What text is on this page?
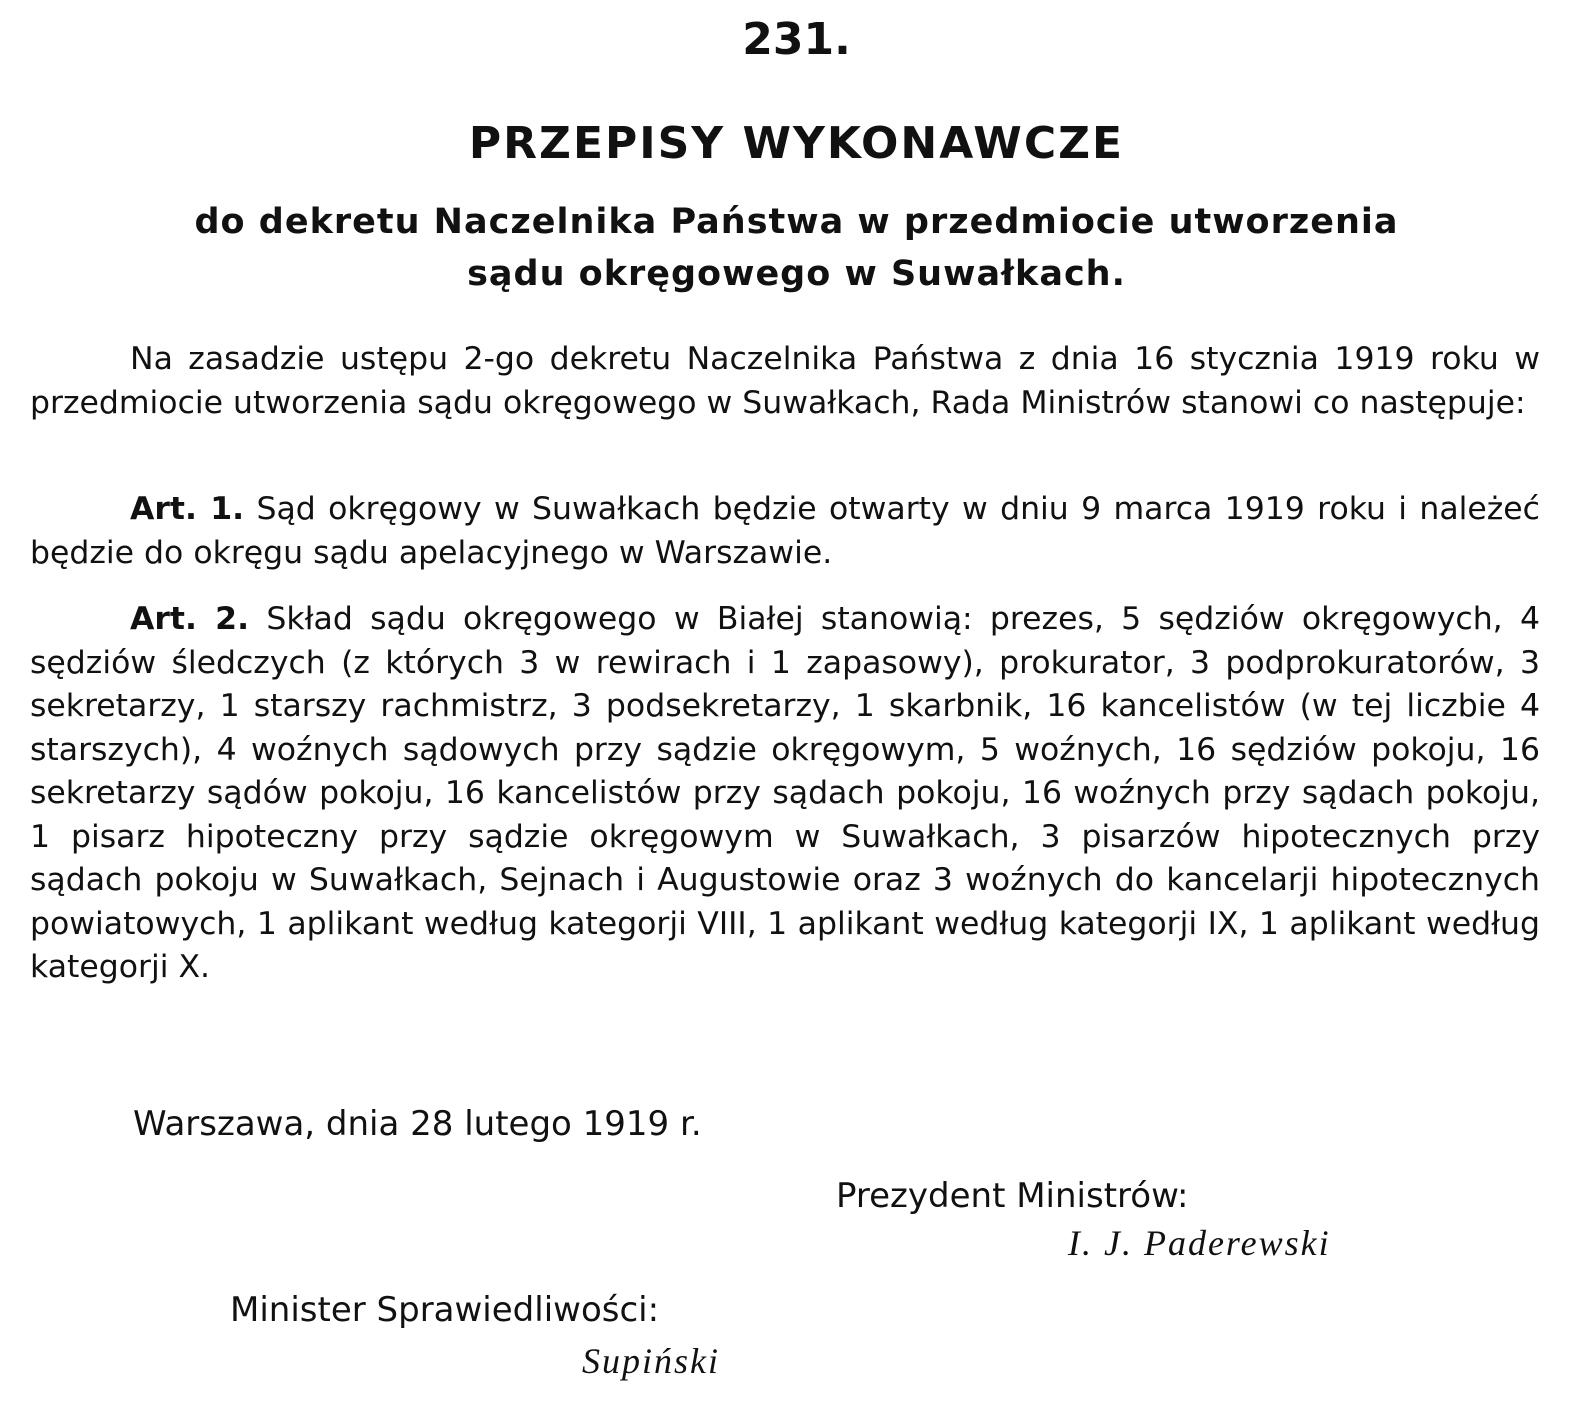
231.
PRZEPISY WYKONAWCZE
do dekretu Naczelnika Państwa w przedmiocie utworzenia
sądu okręgowego w Suwałkach.
Na zasadzie ustępu 2-go dekretu Naczelnika Państwa z dnia 16 stycznia 1919 roku w przedmiocie utworzenia sądu okręgowego w Suwałkach, Rada Ministrów stanowi co następuje:
Art. 1. Sąd okręgowy w Suwałkach będzie otwarty w dniu 9 marca 1919 roku i należeć będzie do okręgu sądu apelacyjnego w Warszawie.
Art. 2. Skład sądu okręgowego w Białej stanowią: prezes, 5 sędziów okręgowych, 4 sędziów śledczych (z których 3 w rewirach i 1 zapasowy), prokurator, 3 podprokuratorów, 3 sekretarzy, 1 starszy rachmistrz, 3 podsekretarzy, 1 skarbnik, 16 kancelistów (w tej liczbie 4 starszych), 4 woźnych sądowych przy sądzie okręgowym, 5 woźnych, 16 sędziów pokoju, 16 sekretarzy sądów pokoju, 16 kancelistów przy sądach pokoju, 16 woźnych przy sądach pokoju, 1 pisarz hipoteczny przy sądzie okręgowym w Suwałkach, 3 pisarzów hipotecznych przy sądach pokoju w Suwałkach, Sejnach i Augustowie oraz 3 woźnych do kancelarji hipotecznych powiatowych, 1 aplikant według kategorji VIII, 1 aplikant według kategorji IX, 1 aplikant według kategorji X.
Warszawa, dnia 28 lutego 1919 r.
Prezydent Ministrów:
I. J. Paderewski
Minister Sprawiedliwości:
Supiński
